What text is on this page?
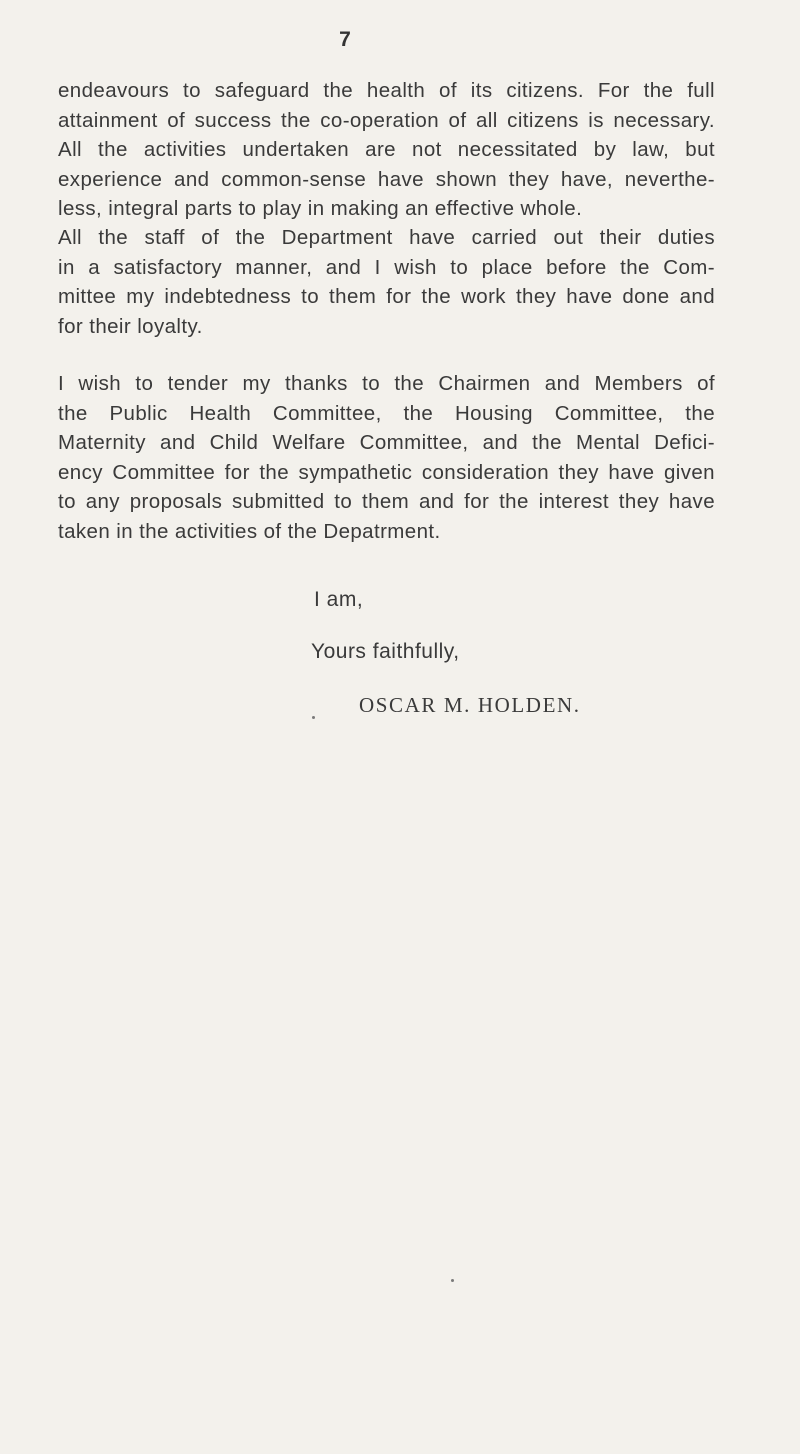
7
endeavours to safeguard the health of its citizens. For the full
attainment of success the co-operation of all citizens is necessary.
All the activities undertaken are not necessitated by law, but
experience and common-sense have shown they have, neverthe-
less, integral parts to play in making an effective whole.
All the staff of the Department have carried out their duties
in a satisfactory manner, and I wish to place before the Com-
mittee my indebtedness to them for the work they have done and
for their loyalty.
I wish to tender my thanks to the Chairmen and Members of
the Public Health Committee, the Housing Committee, the
Maternity and Child Welfare Committee, and the Mental Defici-
ency Committee for the sympathetic consideration they have given
to any proposals submitted to them and for the interest they have
taken in the activities of the Depatrment.
I am,
Yours faithfully,
OSCAR M. HOLDEN.
